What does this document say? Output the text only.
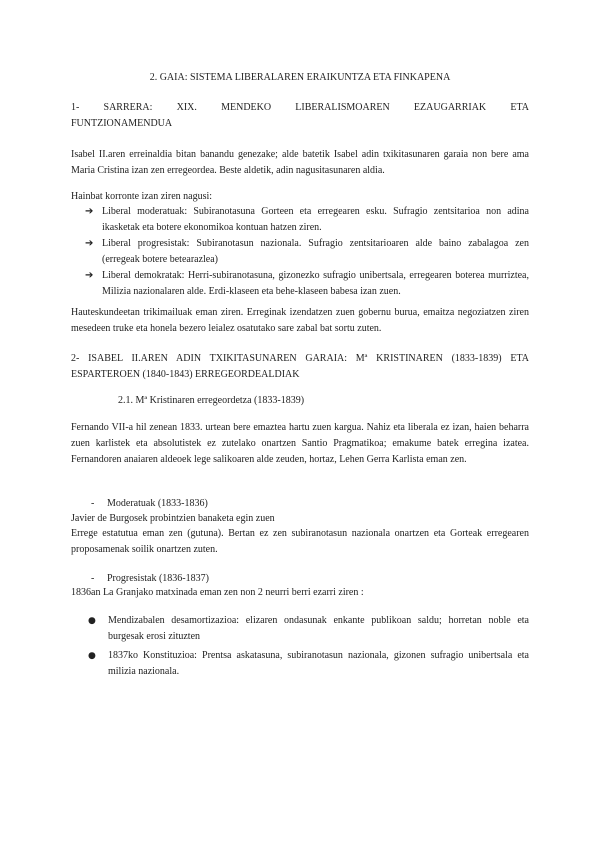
2. GAIA: SISTEMA LIBERALAREN ERAIKUNTZA ETA FINKAPENA
1- SARRERA: XIX. MENDEKO LIBERALISMOAREN EZAUGARRIAK ETA
FUNTZIONAMENDUA

Isabel II.aren erreinaldia bitan banandu genezake; alde batetik Isabel adin txikitasunaren garaia non bere ama Maria Cristina izan zen erregeordea. Beste aldetik, adin nagusitasunaren aldia.

Hainbat korronte izan ziren nagusi:

➔ Liberal moderatuak: Subiranotasuna Gorteen eta erregearen esku. Sufragio zentsitarioa non adina ikasketak eta botere ekonomikoa kontuan hatzen ziren.
➔ Liberal progresistak: Subiranotasun nazionala. Sufragio zentsitarioaren alde baino zabalagoa zen (erregeak botere betearazlea)
➔ Liberal demokratak: Herri-subiranotasuna, gizonezko sufragio unibertsala, erregearen boterea murriztea, Milizia nazionalaren alde. Erdi-klaseen eta behe-klaseen babesa izan zuen.

Hauteskundeetan trikimailuak eman ziren. Erreginak izendatzen zuen gobernu burua, emaitza negoziatzen ziren mesedeen truke eta honela bezero leialez osatutako sare zabal bat sortu zuten.

2- ISABEL II.AREN ADIN TXIKITASUNAREN GARAIA: Mª KRISTINAREN (1833-1839) ETA
ESPARTEROEN (1840-1843) ERREGEORDEALDIAK
2.1. Mª Kristinaren erregeordetza (1833-1839)

Fernando VII-a hil zenean 1833. urtean bere emaztea hartu zuen kargua. Nahiz eta liberala ez izan, haien beharra zuen karlistek eta absolutistek ez zutelako onartzen Santio Pragmatikoa; emakume batek erregina izatea. Fernandoren anaiaren aldeoek lege salikoaren alde zeuden, hortaz, Lehen Gerra Karlista eman zen.

- Moderatuak (1833-1836)

Javier de Burgosek probintzien banaketa egin zuen

Errege estatutua eman zen (gutuna). Bertan ez zen subiranotasun nazionala onartzen eta Gorteak erregearen proposamenak soilik onartzen zuten.

- Progresistak (1836-1837)

1836an La Granjako matxinada eman zen non 2 neurri berri ezarri ziren :

● Mendizabalen desamortizazioa: elizaren ondasunak enkante publikoan saldu; horretan noble eta burgesak erosi zituzten
● 1837ko Konstituzioa: Prentsa askatasuna, subiranotasun nazionala, gizonen sufragio unibertsala eta milizia nazionala.
